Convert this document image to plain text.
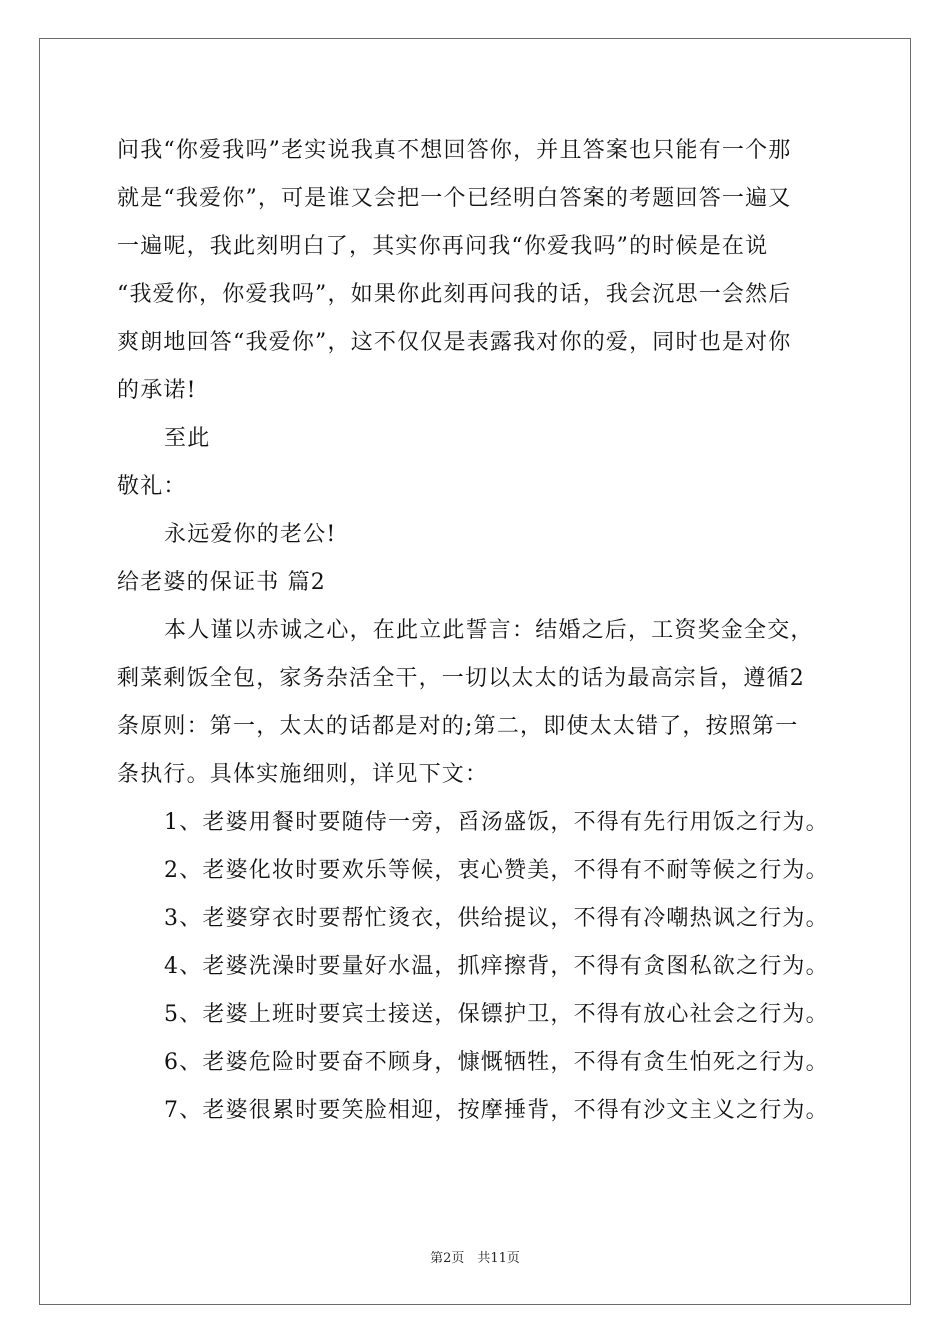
问我“你爱我吗”老实说我真不想回答你，并且答案也只能有一个那
就是“我爱你”，可是谁又会把一个已经明白答案的考题回答一遍又
一遍呢，我此刻明白了，其实你再问我“你爱我吗”的时候是在说
“我爱你，你爱我吗”，如果你此刻再问我的话，我会沉思一会然后
爽朗地回答“我爱你”，这不仅仅是表露我对你的爱，同时也是对你
的承诺!
至此
敬礼：
永远爱你的老公!
给老婆的保证书 篇2
本人谨以赤诚之心，在此立此誓言：结婚之后，工资奖金全交，
剩菜剩饭全包，家务杂活全干，一切以太太的话为最高宗旨，遵循2
条原则：第一，太太的话都是对的;第二，即使太太错了，按照第一
条执行。具体实施细则，详见下文：
1、老婆用餐时要随侍一旁，舀汤盛饭，不得有先行用饭之行为。
2、老婆化妆时要欢乐等候，衷心赞美，不得有不耐等候之行为。
3、老婆穿衣时要帮忙烫衣，供给提议，不得有冷嘲热讽之行为。
4、老婆洗澡时要量好水温，抓痒擦背，不得有贪图私欲之行为。
5、老婆上班时要宾士接送，保镖护卫，不得有放心社会之行为。
6、老婆危险时要奋不顾身，慷慨牺牲，不得有贪生怕死之行为。
7、老婆很累时要笑脸相迎，按摩捶背，不得有沙文主义之行为。
第2页　共11页
